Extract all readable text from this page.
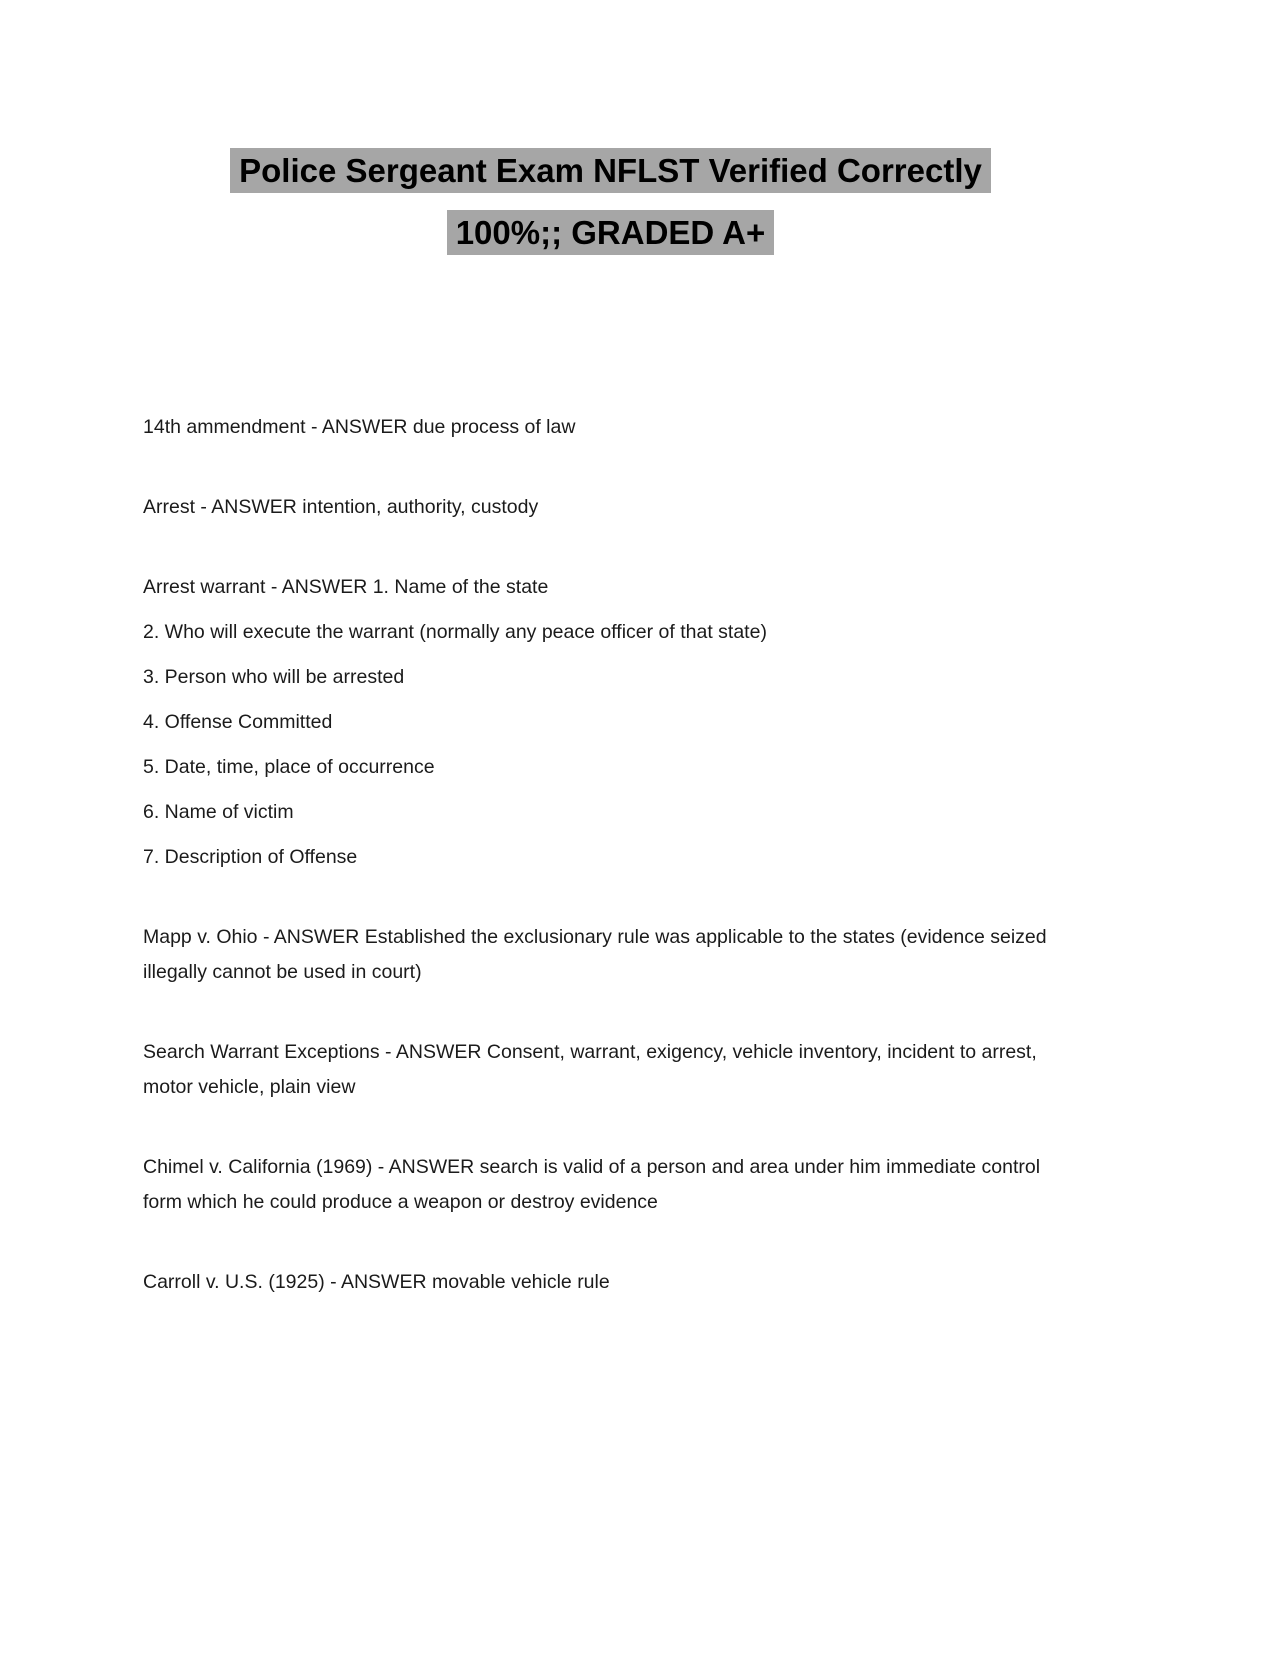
Police Sergeant Exam NFLST Verified Correctly
100%;; GRADED A+

14th ammendment - ANSWER due process of law

Arrest - ANSWER intention, authority, custody

Arrest warrant - ANSWER 1. Name of the state

2. Who will execute the warrant (normally any peace officer of that state)

3. Person who will be arrested

4. Offense Committed

5. Date, time, place of occurrence

6. Name of victim

7. Description of Offense

Mapp v. Ohio - ANSWER Established the exclusionary rule was applicable to the states (evidence seized

illegally cannot be used in court)

Search Warrant Exceptions - ANSWER Consent, warrant, exigency, vehicle inventory, incident to arrest,

motor vehicle, plain view

Chimel v. California (1969) - ANSWER search is valid of a person and area under him immediate control

form which he could produce a weapon or destroy evidence

Carroll v. U.S. (1925) - ANSWER movable vehicle rule
